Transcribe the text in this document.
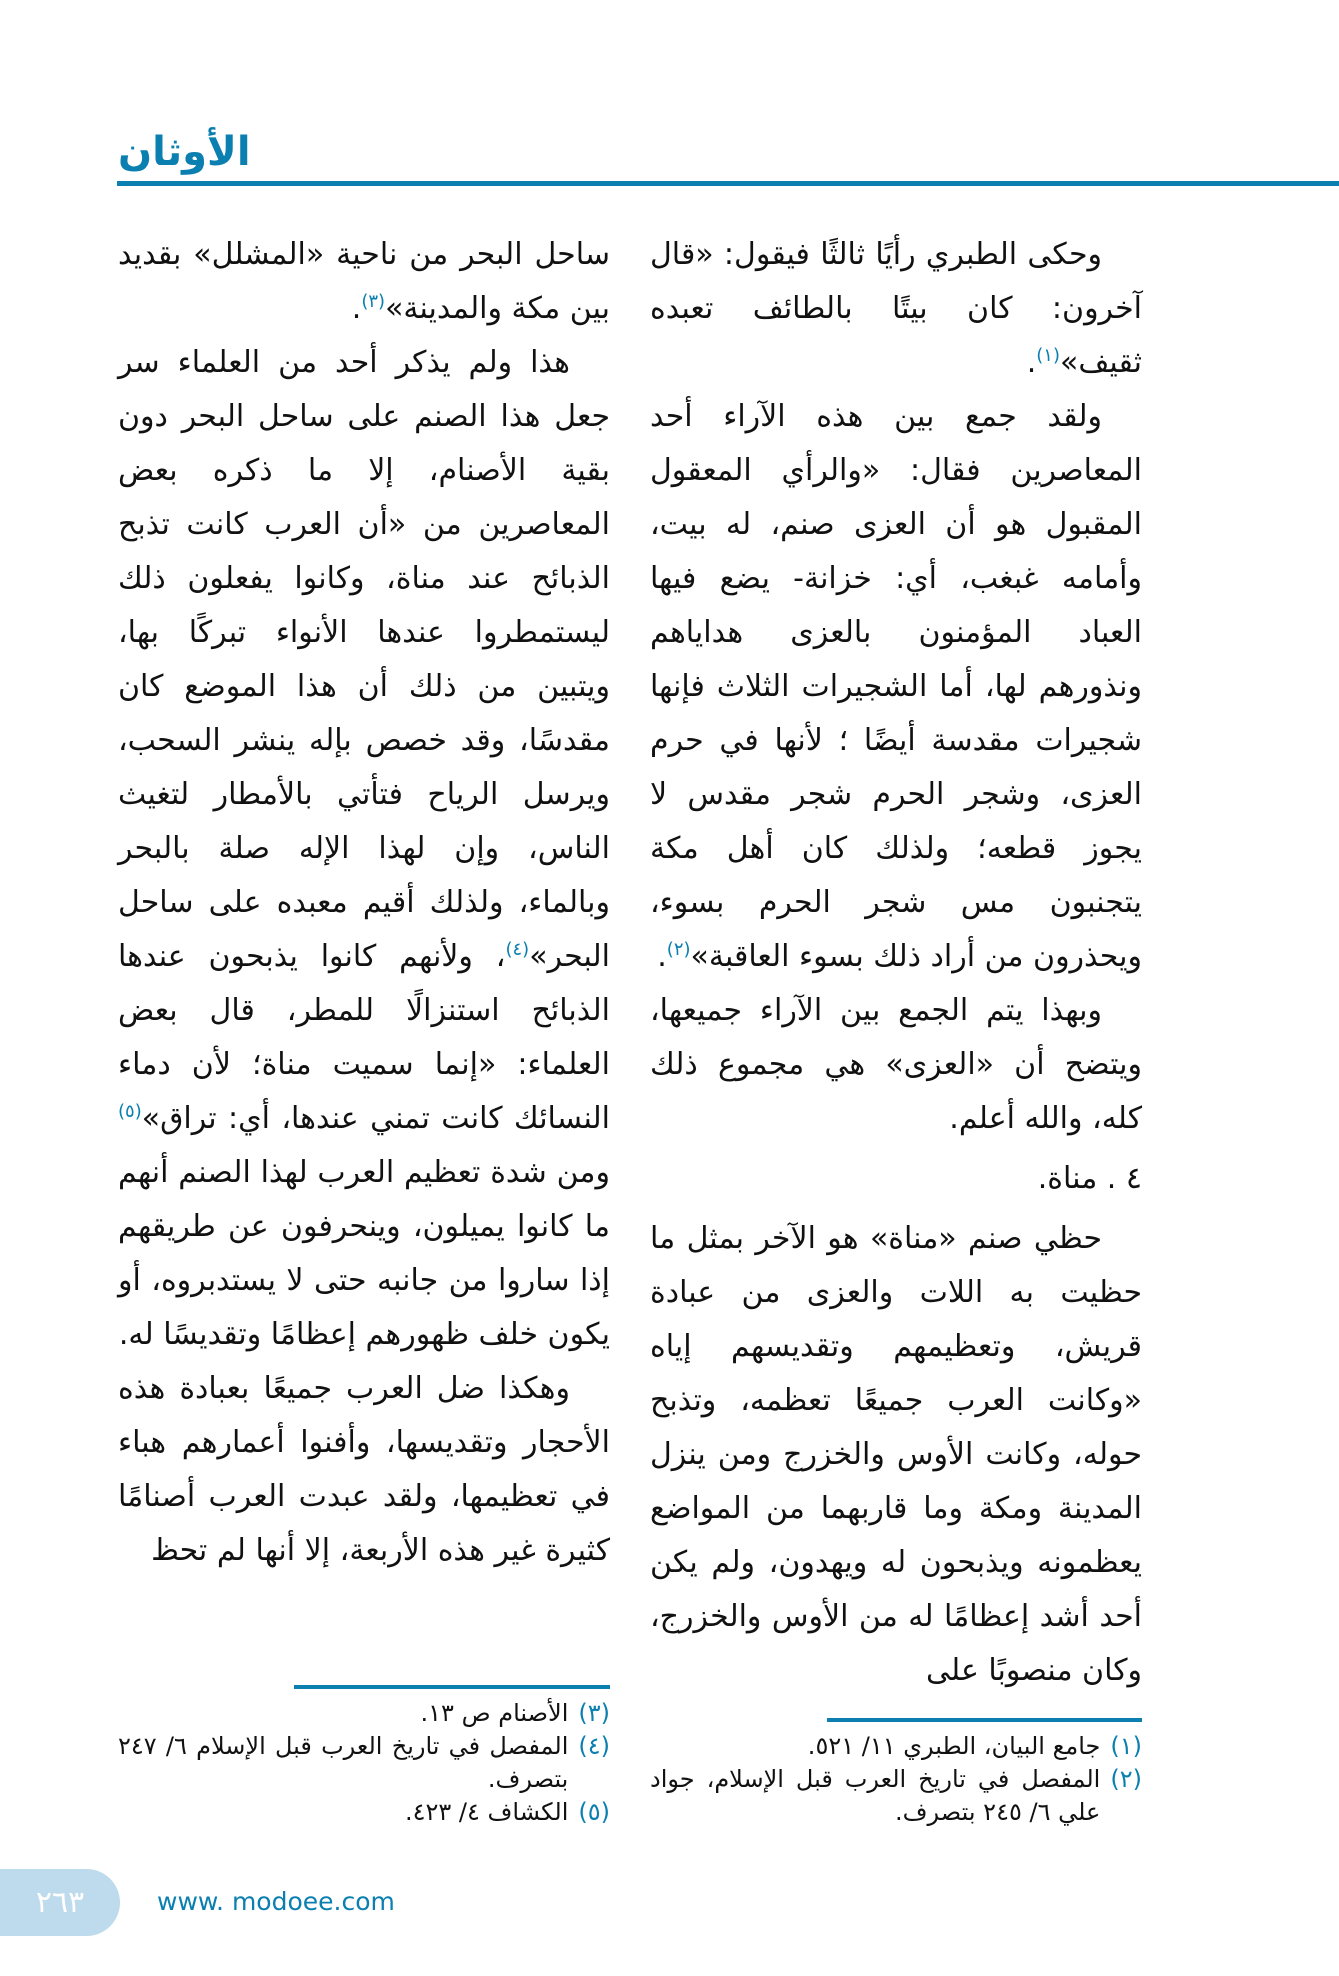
الأوثان

وحكى الطبري رأيًا ثالثًا فيقول: «قال آخرون: كان بيتًا بالطائف تعبده ثقيف»$^{(١)}$.

ولقد جمع بين هذه الآراء أحد المعاصرين فقال: «والرأي المعقول المقبول هو أن العزى صنم، له بيت، وأمامه غبغب، أي: خزانة- يضع فيها العباد المؤمنون بالعزى هداياهم ونذورهم لها، أما الشجيرات الثلاث فإنها شجيرات مقدسة أيضًا ؛ لأنها في حرم العزى، وشجر الحرم شجر مقدس لا يجوز قطعه؛ ولذلك كان أهل مكة يتجنبون مس شجر الحرم بسوء، ويحذرون من أراد ذلك بسوء العاقبة»$^{(٢)}$.

وبهذا يتم الجمع بين الآراء جميعها، ويتضح أن «العزى» هي مجموع ذلك كله، والله أعلم.

٤ . مناة.

حظي صنم «مناة» هو الآخر بمثل ما حظيت به اللات والعزى من عبادة قريش، وتعظيمهم وتقديسهم إياه «وكانت العرب جميعًا تعظمه، وتذبح حوله، وكانت الأوس والخزرج ومن ينزل المدينة ومكة وما قاربهما من المواضع يعظمونه ويذبحون له ويهدون، ولم يكن أحد أشد إعظامًا له من الأوس والخزرج، وكان منصوبًا على

(١)
جامع البيان، الطبري ١١/ ٥٢١.
(٢)
المفصل في تاريخ العرب قبل الإسلام، جواد علي ٦/ ٢٤٥ بتصرف.

ساحل البحر من ناحية «المشلل» بقديد بين مكة والمدينة»$^{(٣)}$.

هذا ولم يذكر أحد من العلماء سر جعل هذا الصنم على ساحل البحر دون بقية الأصنام، إلا ما ذكره بعض المعاصرين من «أن العرب كانت تذبح الذبائح عند مناة، وكانوا يفعلون ذلك ليستمطروا عندها الأنواء تبركًا بها، ويتبين من ذلك أن هذا الموضع كان مقدسًا، وقد خصص بإله ينشر السحب، ويرسل الرياح فتأتي بالأمطار لتغيث الناس، وإن لهذا الإله صلة بالبحر وبالماء، ولذلك أقيم معبده على ساحل البحر»$^{(٤)}$، ولأنهم كانوا يذبحون عندها الذبائح استنزالًا للمطر، قال بعض العلماء: «إنما سميت مناة؛ لأن دماء النسائك كانت تمني عندها، أي: تراق»$^{(٥)}$ ومن شدة تعظيم العرب لهذا الصنم أنهم ما كانوا يميلون، وينحرفون عن طريقهم إذا ساروا من جانبه حتى لا يستدبروه، أو يكون خلف ظهورهم إعظامًا وتقديسًا له.

وهكذا ضل العرب جميعًا بعبادة هذه الأحجار وتقديسها، وأفنوا أعمارهم هباء في تعظيمها، ولقد عبدت العرب أصنامًا كثيرة غير هذه الأربعة، إلا أنها لم تحظ

(٣)
الأصنام ص ١٣.
(٤)
المفصل في تاريخ العرب قبل الإسلام ٦/ ٢٤٧ بتصرف.
(٥)
الكشاف ٤/ ٤٢٣.
٢٦٣	www. modoee.com
